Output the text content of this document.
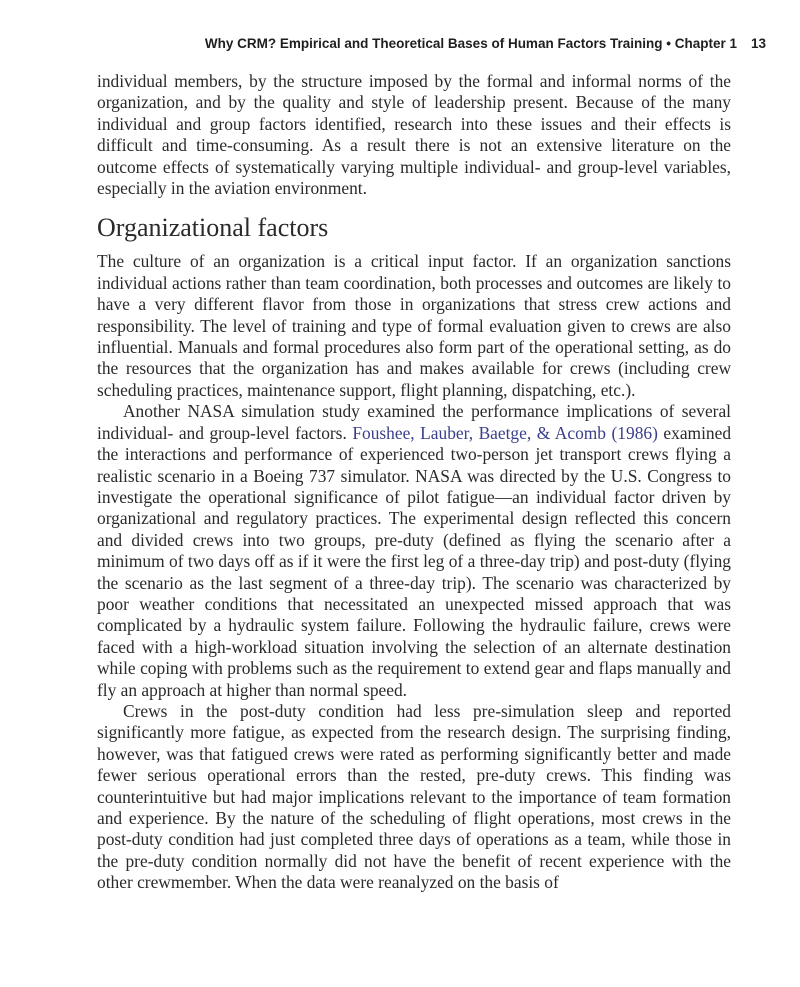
Why CRM? Empirical and Theoretical Bases of Human Factors Training • Chapter 1 13

individual members, by the structure imposed by the formal and informal norms of the organization, and by the quality and style of leadership present. Because of the many individual and group factors identified, research into these issues and their effects is difficult and time-consuming. As a result there is not an extensive literature on the outcome effects of systematically varying multiple individual- and group-level variables, especially in the aviation environment.

Organizational factors

The culture of an organization is a critical input factor. If an organization sanctions individual actions rather than team coordination, both processes and outcomes are likely to have a very different flavor from those in organizations that stress crew actions and responsibility. The level of training and type of formal evaluation given to crews are also influential. Manuals and formal procedures also form part of the operational setting, as do the resources that the organization has and makes available for crews (including crew scheduling practices, maintenance support, flight planning, dispatching, etc.).

Another NASA simulation study examined the performance implications of several individual- and group-level factors. Foushee, Lauber, Baetge, & Acomb (1986) examined the interactions and performance of experienced two-person jet transport crews flying a realistic scenario in a Boeing 737 simulator. NASA was directed by the U.S. Congress to investigate the operational significance of pilot fatigue—an individual factor driven by organizational and regulatory practices. The experimental design reflected this concern and divided crews into two groups, pre-duty (defined as flying the scenario after a minimum of two days off as if it were the first leg of a three-day trip) and post-duty (flying the scenario as the last segment of a three-day trip). The scenario was characterized by poor weather conditions that necessitated an unexpected missed approach that was complicated by a hydraulic system failure. Following the hydraulic failure, crews were faced with a high-workload situation involving the selection of an alternate destination while coping with problems such as the requirement to extend gear and flaps manually and fly an approach at higher than normal speed.

Crews in the post-duty condition had less pre-simulation sleep and reported significantly more fatigue, as expected from the research design. The surprising finding, however, was that fatigued crews were rated as performing significantly better and made fewer serious operational errors than the rested, pre-duty crews. This finding was counterintuitive but had major implications relevant to the importance of team formation and experience. By the nature of the scheduling of flight operations, most crews in the post-duty condition had just completed three days of operations as a team, while those in the pre-duty condition normally did not have the benefit of recent experience with the other crewmember. When the data were reanalyzed on the basis of
